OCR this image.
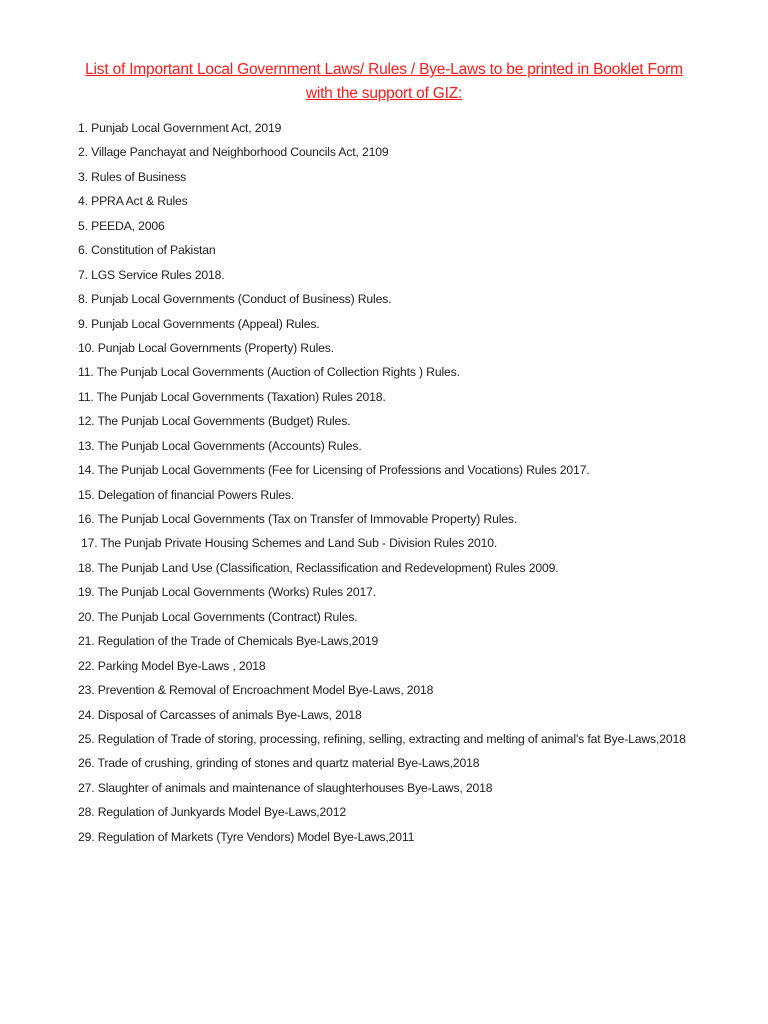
List of Important Local Government Laws/ Rules / Bye-Laws to be printed in Booklet Form
with the support of GIZ:
1. Punjab Local Government Act, 2019
2. Village Panchayat and Neighborhood Councils Act, 2109
3. Rules of Business
4. PPRA Act & Rules
5. PEEDA, 2006
6. Constitution of Pakistan
7. LGS Service Rules 2018.
8. Punjab Local Governments (Conduct of Business) Rules.
9. Punjab Local Governments (Appeal) Rules.
10. Punjab Local Governments (Property) Rules.
11. The Punjab Local Governments (Auction of Collection Rights ) Rules.
11. The Punjab Local Governments (Taxation) Rules 2018.
12. The Punjab Local Governments (Budget) Rules.
13. The Punjab Local Governments (Accounts) Rules.
14. The Punjab Local Governments (Fee for Licensing of Professions and Vocations) Rules 2017.
15. Delegation of financial Powers Rules.
16. The Punjab Local Governments (Tax on Transfer of Immovable Property) Rules.
17. The Punjab Private Housing Schemes and Land Sub - Division Rules 2010.
18. The Punjab Land Use (Classification, Reclassification and Redevelopment) Rules 2009.
19. The Punjab Local Governments (Works) Rules 2017.
20. The Punjab Local Governments (Contract) Rules.
21. Regulation of the Trade of Chemicals Bye-Laws,2019
22. Parking Model Bye-Laws , 2018
23. Prevention & Removal of Encroachment Model Bye-Laws, 2018
24. Disposal of Carcasses of animals Bye-Laws, 2018
25. Regulation of Trade of storing, processing, refining, selling, extracting and melting of animal's fat Bye-Laws,2018
26. Trade of crushing, grinding of stones and quartz material Bye-Laws,2018
27. Slaughter of animals and maintenance of slaughterhouses Bye-Laws, 2018
28. Regulation of Junkyards Model Bye-Laws,2012
29. Regulation of Markets (Tyre Vendors) Model Bye-Laws,2011
